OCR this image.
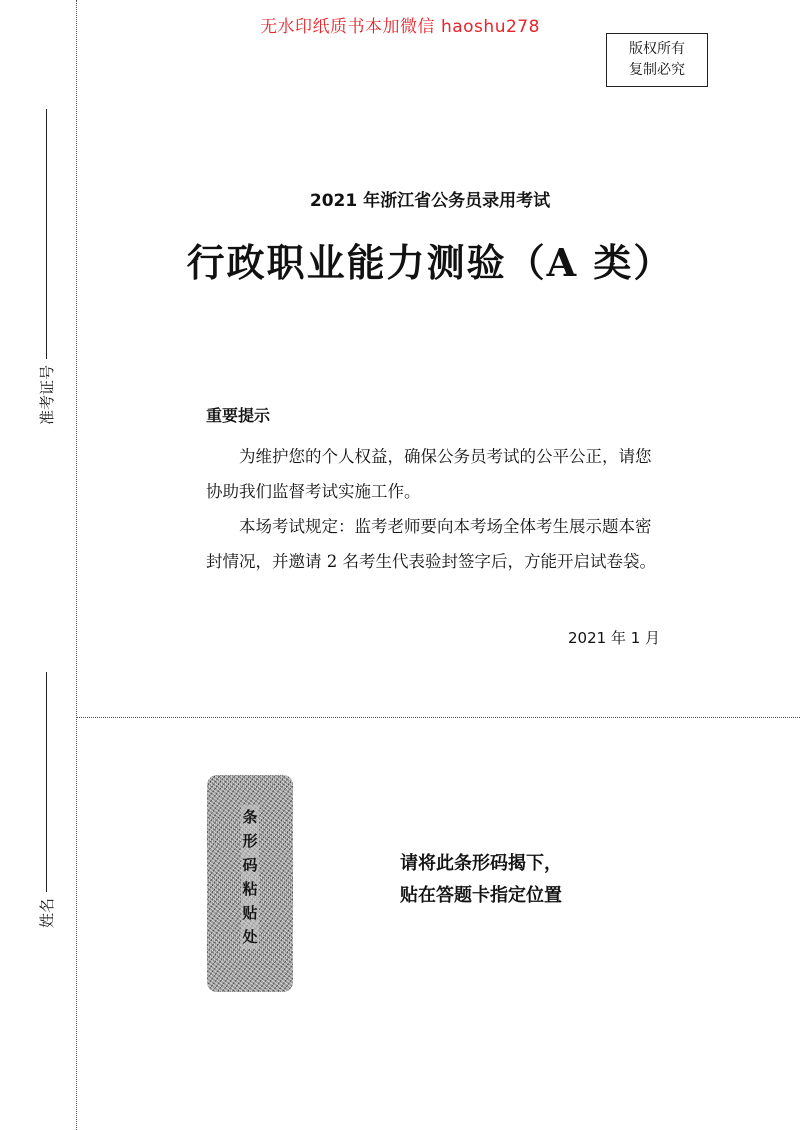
无水印纸质书本加微信 haoshu278
版权所有
复制必究
准考证号
姓名
2021 年浙江省公务员录用考试
行政职业能力测验（A 类）
重要提示

为维护您的个人权益，确保公务员考试的公平公正，请您协助我们监督考试实施工作。

本场考试规定：监考老师要向本考场全体考生展示题本密封情况，并邀请 2 名考生代表验封签字后，方能开启试卷袋。

2021 年 1 月
条
形
码
粘
贴
处
请将此条形码揭下，
贴在答题卡指定位置
